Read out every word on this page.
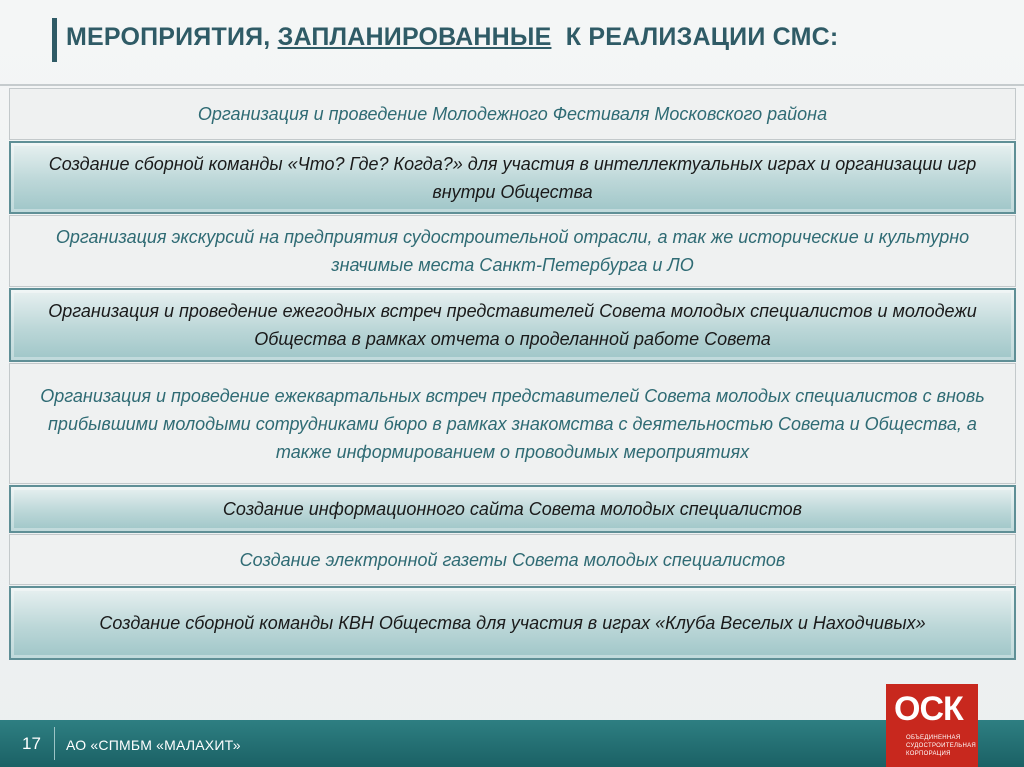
МЕРОПРИЯТИЯ, ЗАПЛАНИРОВАННЫЕ  К РЕАЛИЗАЦИИ СМС:
Организация и проведение Молодежного Фестиваля Московского района
Создание сборной команды «Что? Где? Когда?» для участия в интеллектуальных играх и организации игр внутри Общества
Организация экскурсий на предприятия судостроительной отрасли, а так же исторические и культурно значимые места Санкт-Петербурга и ЛО
Организация и проведение ежегодных встреч представителей Совета молодых специалистов и молодежи Общества в рамках отчета о проделанной работе Совета
Организация и проведение ежеквартальных встреч представителей Совета молодых специалистов с вновь прибывшими молодыми сотрудниками бюро в рамках знакомства с деятельностью Совета и Общества, а также информированием о проводимых мероприятиях
Создание информационного сайта Совета молодых специалистов
Создание электронной газеты Совета молодых специалистов
Создание сборной команды КВН Общества для участия в играх «Клуба Веселых и Находчивых»
17 АО «СПМБМ «МАЛАХИТ»
ОСК
ОБЪЕДИНЕННАЯ
СУДОСТРОИТЕЛЬНАЯ
КОРПОРАЦИЯ
